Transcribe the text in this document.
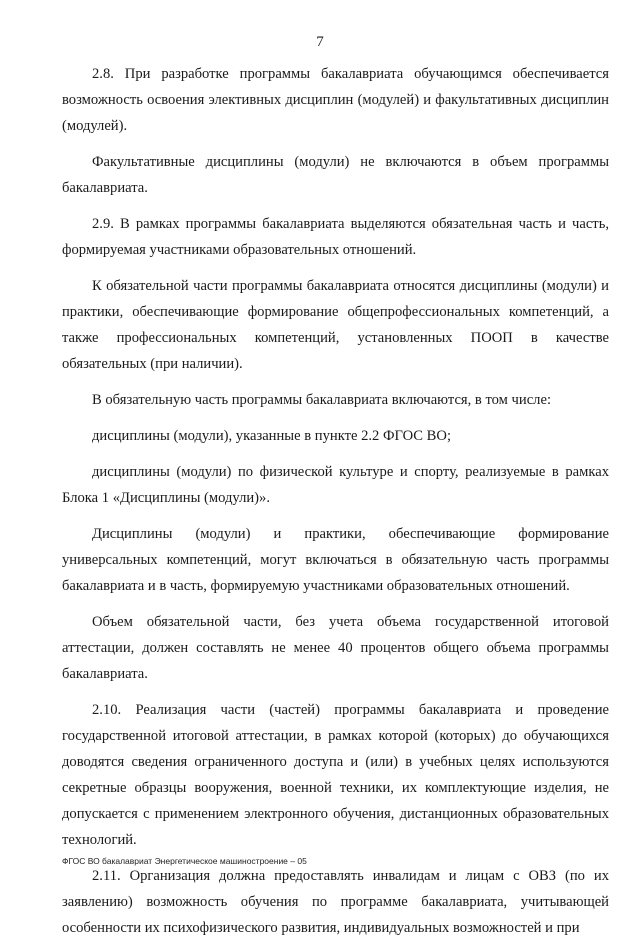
7

2.8. При разработке программы бакалавриата обучающимся обеспечивается возможность освоения элективных дисциплин (модулей) и факультативных дисциплин (модулей).

Факультативные дисциплины (модули) не включаются в объем программы бакалавриата.

2.9. В рамках программы бакалавриата выделяются обязательная часть и часть, формируемая участниками образовательных отношений.

К обязательной части программы бакалавриата относятся дисциплины (модули) и практики, обеспечивающие формирование общепрофессиональных компетенций, а также профессиональных компетенций, установленных ПООП в качестве обязательных (при наличии).

В обязательную часть программы бакалавриата включаются, в том числе:

дисциплины (модули), указанные в пункте 2.2 ФГОС ВО;

дисциплины (модули) по физической культуре и спорту, реализуемые в рамках Блока 1 «Дисциплины (модули)».

Дисциплины (модули) и практики, обеспечивающие формирование универсальных компетенций, могут включаться в обязательную часть программы бакалавриата и в часть, формируемую участниками образовательных отношений.

Объем обязательной части, без учета объема государственной итоговой аттестации, должен составлять не менее 40 процентов общего объема программы бакалавриата.

2.10. Реализация части (частей) программы бакалавриата и проведение государственной итоговой аттестации, в рамках которой (которых) до обучающихся доводятся сведения ограниченного доступа и (или) в учебных целях используются секретные образцы вооружения, военной техники, их комплектующие изделия, не допускается с применением электронного обучения, дистанционных образовательных технологий.

2.11. Организация должна предоставлять инвалидам и лицам с ОВЗ (по их заявлению) возможность обучения по программе бакалавриата, учитывающей особенности их психофизического развития, индивидуальных возможностей и при

ФГОС ВО бакалавриат Энергетическое машиностроение – 05
